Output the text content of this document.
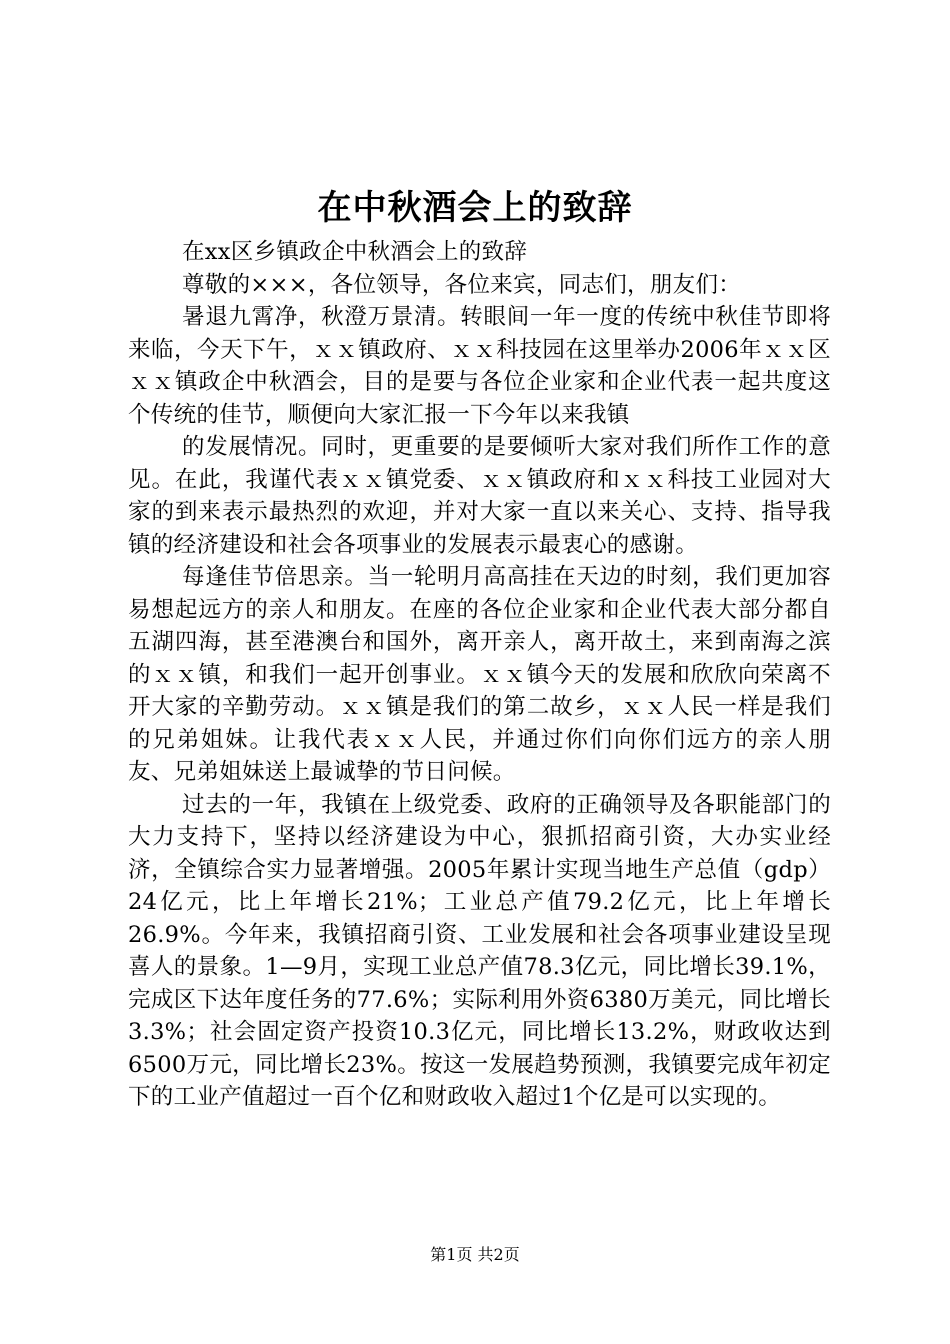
在中秋酒会上的致辞

在xx区乡镇政企中秋酒会上的致辞

尊敬的×××，各位领导，各位来宾，同志们，朋友们：

暑退九霄净，秋澄万景清。转眼间一年一度的传统中秋佳节即将来临，今天下午，ｘｘ镇政府、ｘｘ科技园在这里举办2006年ｘｘ区ｘｘ镇政企中秋酒会，目的是要与各位企业家和企业代表一起共度这个传统的佳节，顺便向大家汇报一下今年以来我镇

的发展情况。同时，更重要的是要倾听大家对我们所作工作的意见。在此，我谨代表ｘｘ镇党委、ｘｘ镇政府和ｘｘ科技工业园对大家的到来表示最热烈的欢迎，并对大家一直以来关心、支持、指导我镇的经济建设和社会各项事业的发展表示最衷心的感谢。

每逢佳节倍思亲。当一轮明月高高挂在天边的时刻，我们更加容易想起远方的亲人和朋友。在座的各位企业家和企业代表大部分都自五湖四海，甚至港澳台和国外，离开亲人，离开故土，来到南海之滨的ｘｘ镇，和我们一起开创事业。ｘｘ镇今天的发展和欣欣向荣离不开大家的辛勤劳动。ｘｘ镇是我们的第二故乡，ｘｘ人民一样是我们的兄弟姐妹。让我代表ｘｘ人民，并通过你们向你们远方的亲人朋友、兄弟姐妹送上最诚挚的节日问候。

过去的一年，我镇在上级党委、政府的正确领导及各职能部门的大力支持下，坚持以经济建设为中心，狠抓招商引资，大办实业经济，全镇综合实力显著增强。2005年累计实现当地生产总值（gdp）24亿元，比上年增长21%；工业总产值79.2亿元，比上年增长26.9%。今年来，我镇招商引资、工业发展和社会各项事业建设呈现喜人的景象。1—9月，实现工业总产值78.3亿元，同比增长39.1%，完成区下达年度任务的77.6%；实际利用外资6380万美元，同比增长3.3%；社会固定资产投资10.3亿元，同比增长13.2%，财政收达到6500万元，同比增长23%。按这一发展趋势预测，我镇要完成年初定下的工业产值超过一百个亿和财政收入超过1个亿是可以实现的。

第1页 共2页
